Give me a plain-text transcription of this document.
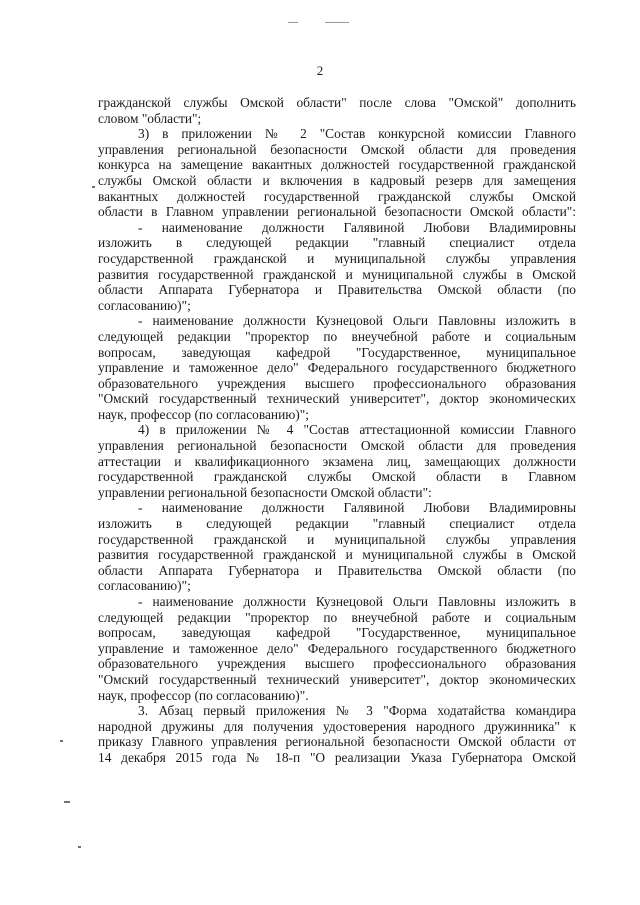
2
гражданской службы Омской области" после слова "Омской" дополнить
словом "области";
3) в приложении № 2 "Состав конкурсной комиссии Главного
управления региональной безопасности Омской области для проведения
конкурса на замещение вакантных должностей государственной гражданской
службы Омской области и включения в кадровый резерв для замещения
вакантных должностей государственной гражданской службы Омской
области в Главном управлении региональной безопасности Омской области":
- наименование должности Галявиной Любови Владимировны
изложить в следующей редакции "главный специалист отдела
государственной гражданской и муниципальной службы управления
развития государственной гражданской и муниципальной службы в Омской
области Аппарата Губернатора и Правительства Омской области (по
согласованию)";
- наименование должности Кузнецовой Ольги Павловны изложить в
следующей редакции "проректор по внеучебной работе и социальным
вопросам, заведующая кафедрой "Государственное, муниципальное
управление и таможенное дело" Федерального государственного бюджетного
образовательного учреждения высшего профессионального образования
"Омский государственный технический университет", доктор экономических
наук, профессор (по согласованию)";
4) в приложении № 4 "Состав аттестационной комиссии Главного
управления региональной безопасности Омской области для проведения
аттестации и квалификационного экзамена лиц, замещающих должности
государственной гражданской службы Омской области в Главном
управлении региональной безопасности Омской области":
- наименование должности Галявиной Любови Владимировны
изложить в следующей редакции "главный специалист отдела
государственной гражданской и муниципальной службы управления
развития государственной гражданской и муниципальной службы в Омской
области Аппарата Губернатора и Правительства Омской области (по
согласованию)";
- наименование должности Кузнецовой Ольги Павловны изложить в
следующей редакции "проректор по внеучебной работе и социальным
вопросам, заведующая кафедрой "Государственное, муниципальное
управление и таможенное дело" Федерального государственного бюджетного
образовательного учреждения высшего профессионального образования
"Омский государственный технический университет", доктор экономических
наук, профессор (по согласованию)".
3. Абзац первый приложения № 3 "Форма ходатайства командира
народной дружины для получения удостоверения народного дружинника" к
приказу Главного управления региональной безопасности Омской области от
14 декабря 2015 года № 18-п "О реализации Указа Губернатора Омской
